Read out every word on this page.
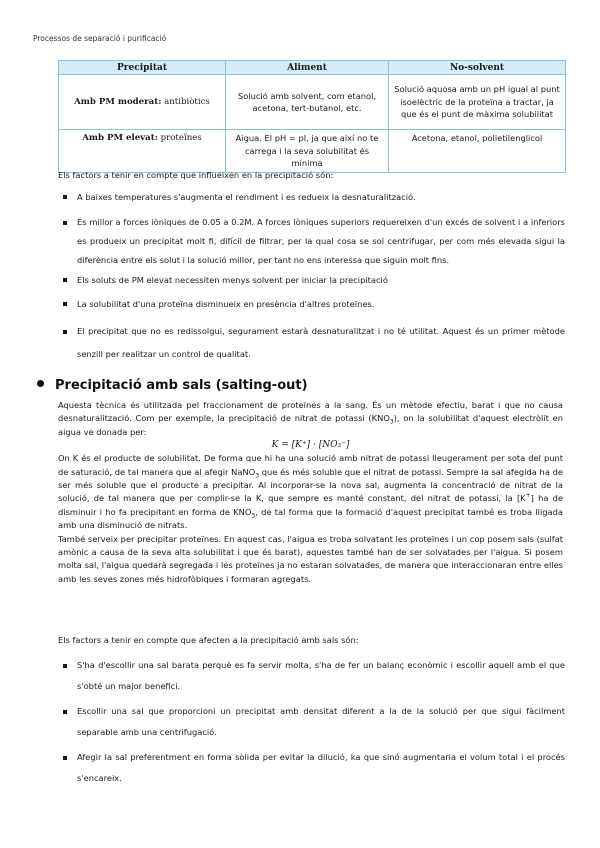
Processos de separació i purificació
Precipitat	Aliment	No-solvent
Amb PM moderat: antibiòtics	Solució amb solvent, com etanol, acetona, tert-butanol, etc.	Solució aquosa amb un pH igual al punt isoelèctric de la proteïna a tractar, ja que és el punt de màxima solubilitat
Amb PM elevat: proteïnes	Aigua. El pH = pI, ja que així no te carrega i la seva solubilitat és mínima	Acetona, etanol, polietilenglicol
Els factors a tenir en compte que influeixen en la precipitació són:
A baixes temperatures s'augmenta el rendiment i es redueix la desnaturalització.
És millor a forces iòniques de 0.05 a 0.2M. A forces iòniques superiors requereixen d'un excés de solvent i a inferiors es produeix un precipitat molt fi, difícil de filtrar, per la qual cosa se sol centrifugar, per com més elevada sigui la diferència entre els solut i la solució millor, per tant no ens interessa que siguin molt fins.
Els soluts de PM elevat necessiten menys solvent per iniciar la precipitació
La solubilitat d'una proteïna disminueix en presència d'altres proteïnes.
El precipitat que no es redissolgui, segurament estarà desnaturalitzat i no té utilitat. Aquest és un primer mètode senzill per realitzar un control de qualitat.
Precipitació amb sals (salting-out)

Aquesta tècnica és utilitzada pel fraccionament de proteïnes a la sang. És un mètode efectiu, barat i que no causa desnaturalització. Com per exemple, la precipitació de nitrat de potassi $(KNO_3)$, on la solubilitat d'aquest electròlit en aigua ve donada per:

K = [K⁺] · [NO₃⁻]

On K és el producte de solubilitat. De forma que hi ha una solució amb nitrat de potassi lleugerament per sota del punt de saturació, de tal manera que al afegir NaNO$_3$ que és més soluble que el nitrat de potassi. Sempre la sal afegida ha de ser més soluble que el producte a precipitar. Al incorporar-se la nova sal, augmenta la concentració de nitrat de la solució, de tal manera que per complir-se la K, que sempre es manté constant, del nitrat de potassi, la [K+] ha de disminuir i ho fa precipitant en forma de $KNO_3$, de tal forma que la formació d'aquest precipitat també es troba lligada amb una disminució de nitrats.

També serveix per precipitar proteïnes. En aquest cas, l'aigua es troba solvatant les proteïnes i un cop posem sals (sulfat amònic a causa de la seva alta solubilitat i que és barat), aquestes també han de ser solvatades per l'aigua. Si posem molta sal, l'aigua quedarà segregada i les proteïnes ja no estaran solvatades, de manera que interaccionaran entre elles amb les seves zones més hidrofòbiques i formaran agregats.

Els factors a tenir en compte que afecten a la precipitació amb sals són:
S'ha d'escollir una sal barata perquè es fa servir molta, s'ha de fer un balanç econòmic i escollir aquell amb el que s'obté un major benefici.
Escollir una sal que proporcioni un precipitat amb densitat diferent a la de la solució per que sigui fàcilment separable amb una centrifugació.
Afegir la sal preferentment en forma sòlida per evitar la dilució, ka que sinó augmentaria el volum total i el procés s'encareix.
